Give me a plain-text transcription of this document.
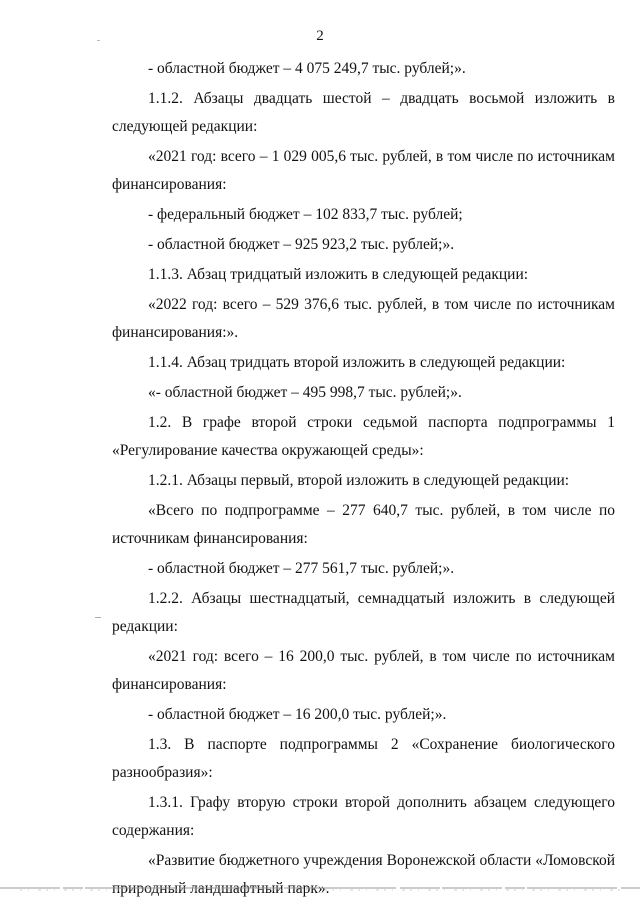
2

- областной бюджет – 4 075 249,7 тыс. рублей;».

1.1.2. Абзацы двадцать шестой – двадцать восьмой изложить в следующей редакции:

«2021 год: всего – 1 029 005,6 тыс. рублей, в том числе по источникам финансирования:

- федеральный бюджет – 102 833,7 тыс. рублей;

- областной бюджет – 925 923,2 тыс. рублей;».

1.1.3. Абзац тридцатый изложить в следующей редакции:

«2022 год: всего – 529 376,6 тыс. рублей, в том числе по источникам финансирования:».

1.1.4. Абзац тридцать второй изложить в следующей редакции:

«- областной бюджет – 495 998,7 тыс. рублей;».

1.2. В графе второй строки седьмой паспорта подпрограммы 1 «Регулирование качества окружающей среды»:

1.2.1. Абзацы первый, второй изложить в следующей редакции:

«Всего по подпрограмме – 277 640,7 тыс. рублей, в том числе по источникам финансирования:

- областной бюджет – 277 561,7 тыс. рублей;».

1.2.2. Абзацы шестнадцатый, семнадцатый изложить в следующей редакции:

«2021 год: всего – 16 200,0 тыс. рублей, в том числе по источникам финансирования:

- областной бюджет – 16 200,0 тыс. рублей;».

1.3. В паспорте подпрограммы 2 «Сохранение биологического разнообразия»:

1.3.1. Графу вторую строки второй дополнить абзацем следующего содержания:

«Развитие бюджетного учреждения Воронежской области «Ломовской природный ландшафтный парк».
